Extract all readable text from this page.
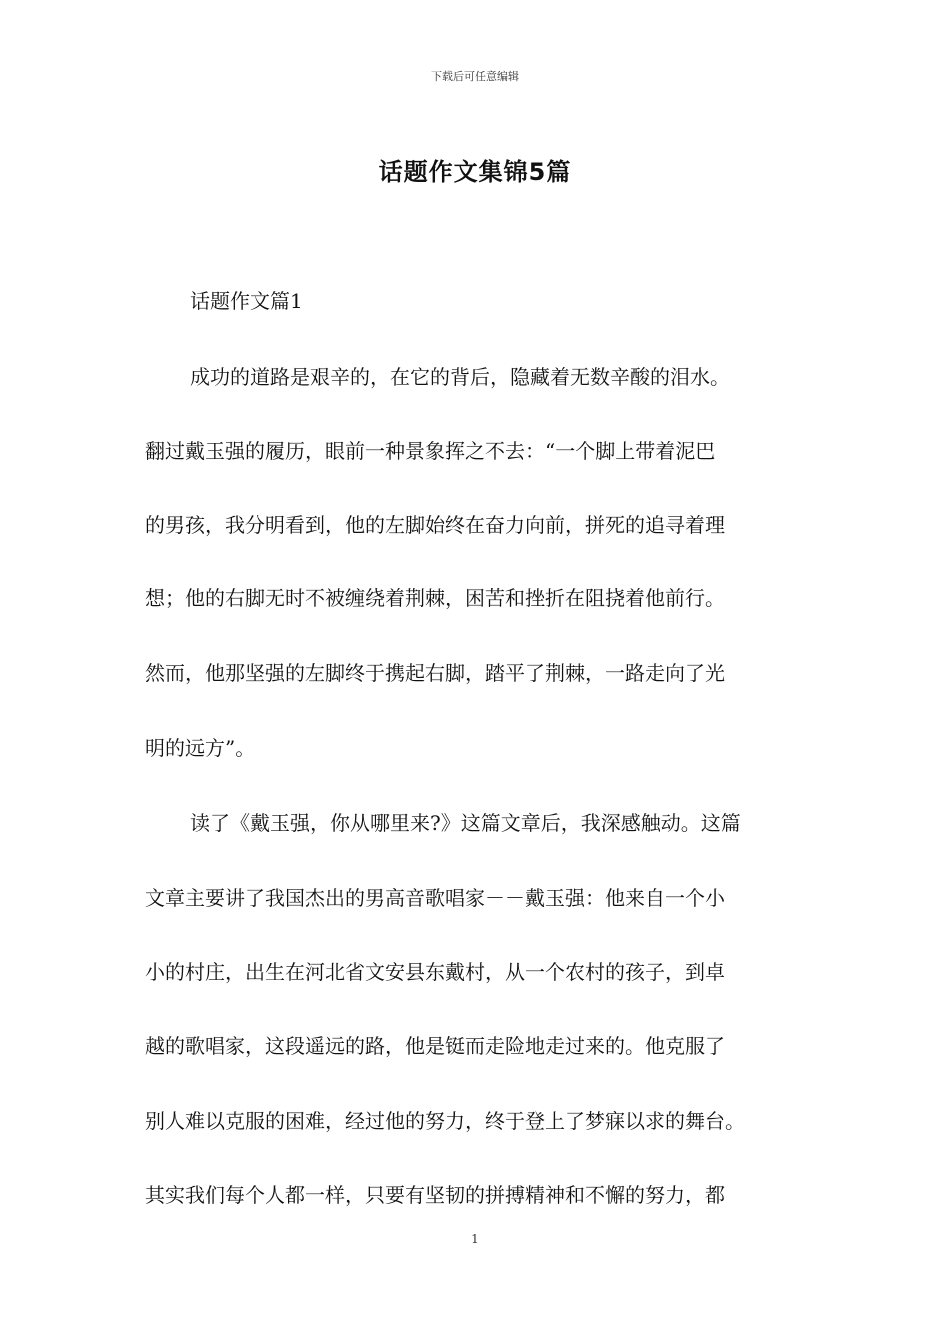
下载后可任意编辑
话题作文集锦5篇
话题作文篇1
成功的道路是艰辛的，在它的背后，隐藏着无数辛酸的泪水。
翻过戴玉强的履历，眼前一种景象挥之不去：“一个脚上带着泥巴
的男孩，我分明看到，他的左脚始终在奋力向前，拼死的追寻着理
想；他的右脚无时不被缠绕着荆棘，困苦和挫折在阻挠着他前行。
然而，他那坚强的左脚终于携起右脚，踏平了荆棘，一路走向了光
明的远方”。
读了《戴玉强，你从哪里来?》这篇文章后，我深感触动。这篇
文章主要讲了我国杰出的男高音歌唱家－－戴玉强：他来自一个小
小的村庄，出生在河北省文安县东戴村，从一个农村的孩子，到卓
越的歌唱家，这段遥远的路，他是铤而走险地走过来的。他克服了
别人难以克服的困难，经过他的努力，终于登上了梦寐以求的舞台。
其实我们每个人都一样，只要有坚韧的拼搏精神和不懈的努力，都
1
